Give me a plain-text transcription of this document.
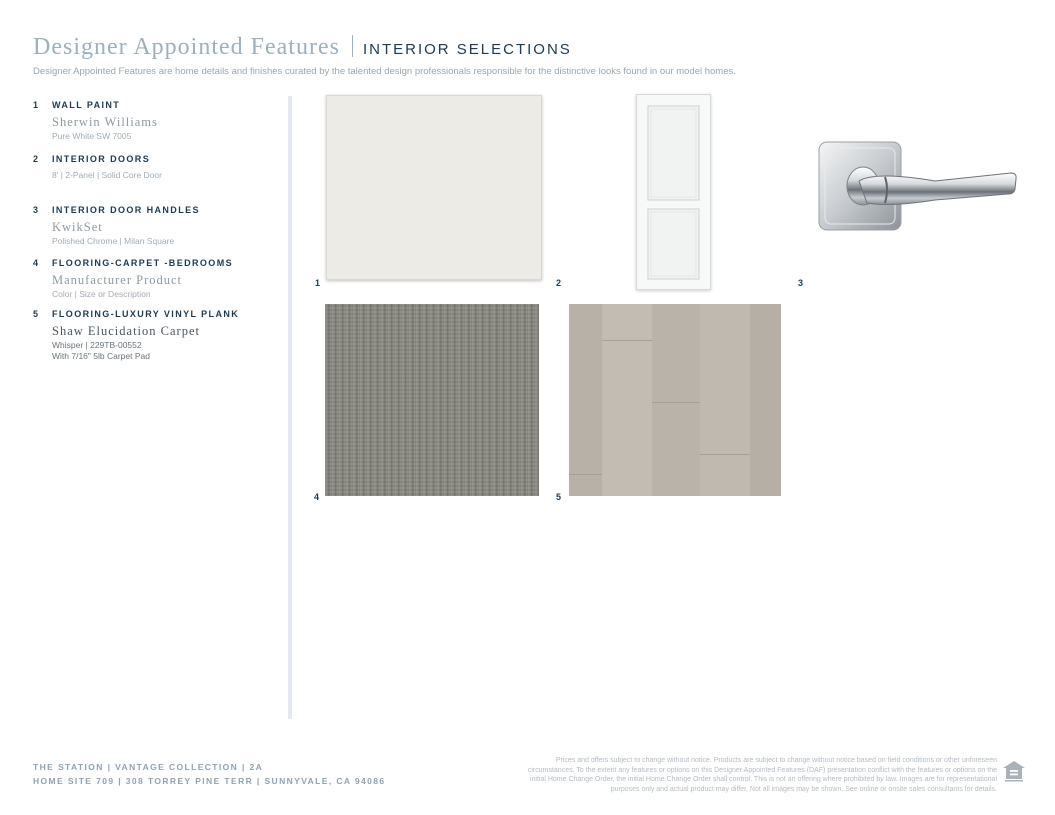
Designer Appointed Features INTERIOR SELECTIONS
Designer Appointed Features are home details and finishes curated by the talented design professionals responsible for the distinctive looks found in our model homes.
1 WALL PAINT
Sherwin Williams
Pure White SW 7005
2 INTERIOR DOORS
8' | 2-Panel | Solid Core Door
3 INTERIOR DOOR HANDLES
KwikSet
Polished Chrome | Milan Square
4 FLOORING-CARPET -BEDROOMS
Manufacturer Product
Color | Size or Description
5 FLOORING-LUXURY VINYL PLANK
Shaw Elucidation Carpet
Whisper | 229TB-00552
With 7/16" 5lb Carpet Pad
1	2	3
4	5
THE STATION | VANTAGE COLLECTION | 2A
HOME SITE 709 | 308 TORREY PINE TERR | SUNNYVALE, CA 94086
Prices and offers subject to change without notice. Products are subject to change without notice based on field conditions or other unforeseen circumstances. To the extent any features or options on this Designer Appointed Features (DAF) presentation conflict with the features or options on the initial Home Change Order, the initial Home Change Order shall control. This is not an offering where prohibited by law. Images are for representational purposes only and actual product may differ. Not all images may be shown. See online or onsite sales consultants for details.
